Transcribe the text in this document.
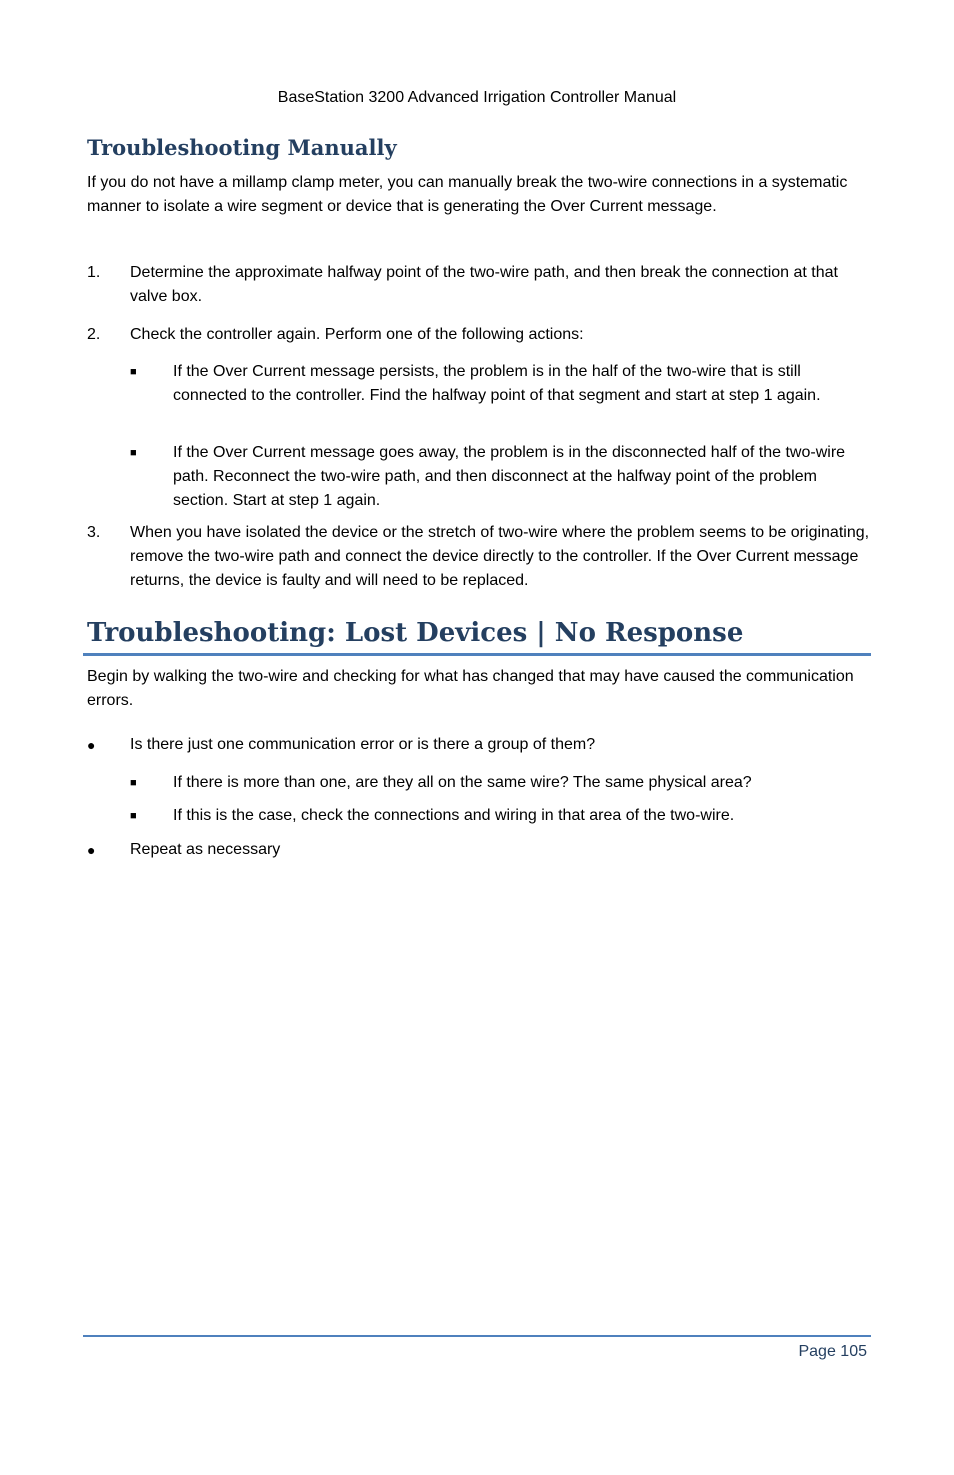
BaseStation 3200 Advanced Irrigation Controller Manual
Troubleshooting Manually

If you do not have a millamp clamp meter, you can manually break the two-wire connections in a systematic manner to isolate a wire segment or device that is generating the Over Current message.

1. Determine the approximate halfway point of the two-wire path, and then break the connection at that valve box.

2. Check the controller again. Perform one of the following actions:

■ If the Over Current message persists, the problem is in the half of the two-wire that is still connected to the controller. Find the halfway point of that segment and start at step 1 again.

■ If the Over Current message goes away, the problem is in the disconnected half of the two-wire path. Reconnect the two-wire path, and then disconnect at the halfway point of the problem section. Start at step 1 again.

3. When you have isolated the device or the stretch of two-wire where the problem seems to be originating, remove the two-wire path and connect the device directly to the controller. If the Over Current message returns, the device is faulty and will need to be replaced.

Troubleshooting: Lost Devices | No Response

Begin by walking the two-wire and checking for what has changed that may have caused the communication errors.

● Is there just one communication error or is there a group of them?

■ If there is more than one, are they all on the same wire? The same physical area?

■ If this is the case, check the connections and wiring in that area of the two-wire.

● Repeat as necessary

Page 105
